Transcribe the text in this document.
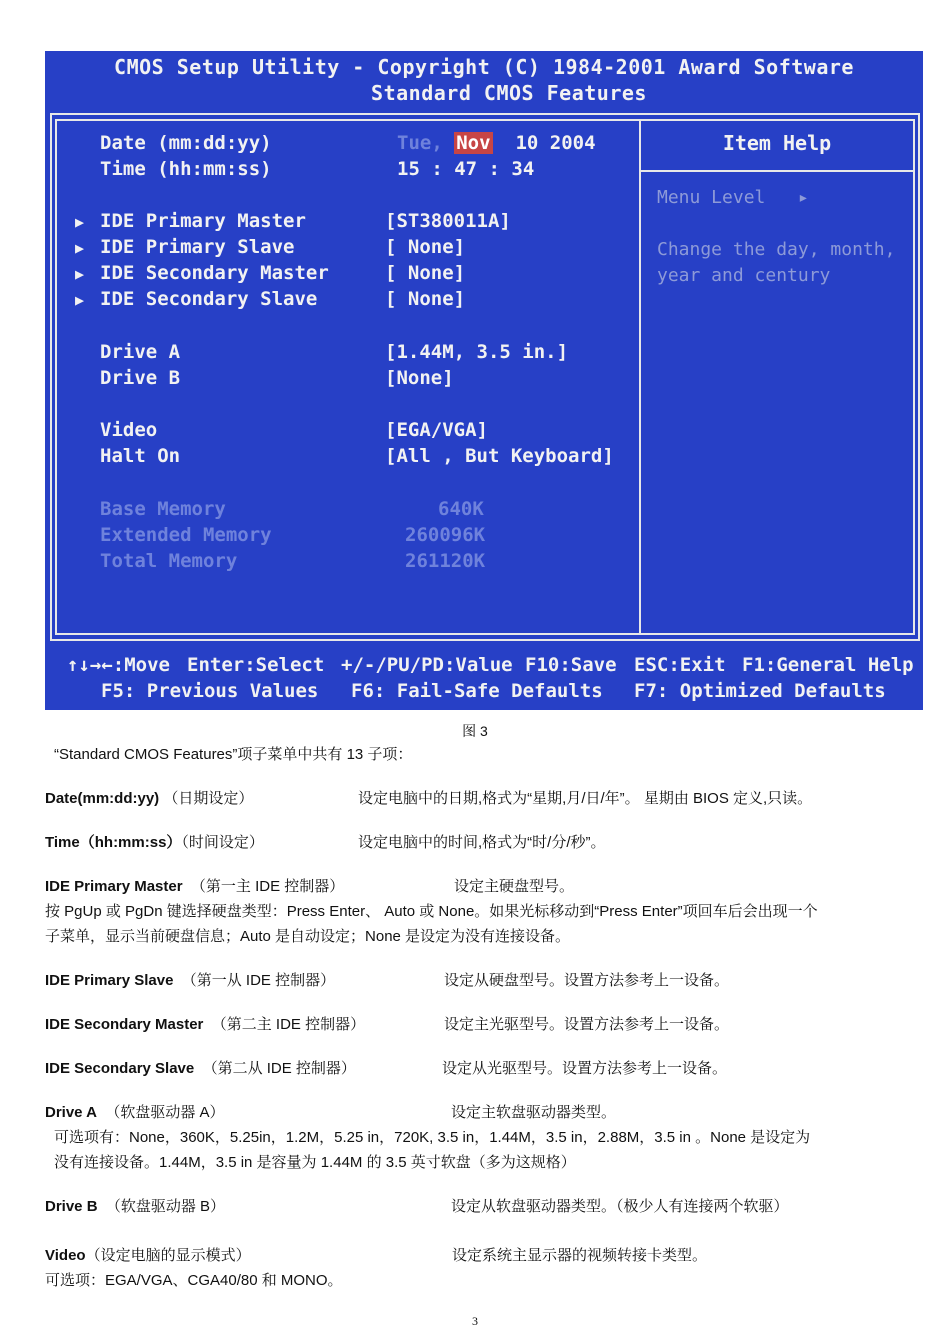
CMOS Setup Utility - Copyright (C) 1984-2001 Award Software
Standard CMOS Features
Item Help
Menu Level ▸
Change the day, month,
year and century
Date (mm:dd:yy)	Tue, Nov 10 2004
Time (hh:mm:ss)	15 : 47 : 34
▶ IDE Primary Master	[ST380011A]
▶ IDE Primary Slave	[ None]
▶ IDE Secondary Master	[ None]
▶ IDE Secondary Slave	[ None]
Drive A	[1.44M, 3.5 in.]
Drive B	[None]
Video	[EGA/VGA]
Halt On	[All , But Keyboard]
Base Memory	640K
Extended Memory	260096K
Total Memory	261120K
↑↓→←:Move Enter:Select +/-/PU/PD:Value F10:Save ESC:Exit F1:General Help
F5: Previous Values F6: Fail-Safe Defaults F7: Optimized Defaults
图 3
“Standard CMOS Features”项子菜单中共有 13 子项：
Date(mm:dd:yy) （日期设定）	设定电脑中的日期,格式为“星期,月/日/年”。 星期由 BIOS 定义,只读。
Time（hh:mm:ss）（时间设定）	设定电脑中的时间,格式为“时/分/秒”。
IDE Primary Master （第一主 IDE 控制器）	设定主硬盘型号。
按 PgUp 或 PgDn 键选择硬盘类型：Press Enter、 Auto 或 None。如果光标移动到“Press Enter”项回车后会出现一个
子菜单，显示当前硬盘信息；Auto 是自动设定；None 是设定为没有连接设备。
IDE Primary Slave （第一从 IDE 控制器）	设定从硬盘型号。设置方法参考上一设备。
IDE Secondary Master （第二主 IDE 控制器）	设定主光驱型号。设置方法参考上一设备。
IDE Secondary Slave （第二从 IDE 控制器）	设定从光驱型号。设置方法参考上一设备。
Drive A （软盘驱动器 A）	设定主软盘驱动器类型。
可选项有：None，360K，5.25in，1.2M，5.25 in，720K, 3.5 in，1.44M，3.5 in，2.88M，3.5 in 。None 是设定为
没有连接设备。1.44M，3.5 in 是容量为 1.44M 的 3.5 英寸软盘（多为这规格）
Drive B （软盘驱动器 B）	设定从软盘驱动器类型。（极少人有连接两个软驱）
Video（设定电脑的显示模式）	设定系统主显示器的视频转接卡类型。
可选项：EGA/VGA、CGA40/80 和 MONO。
3
